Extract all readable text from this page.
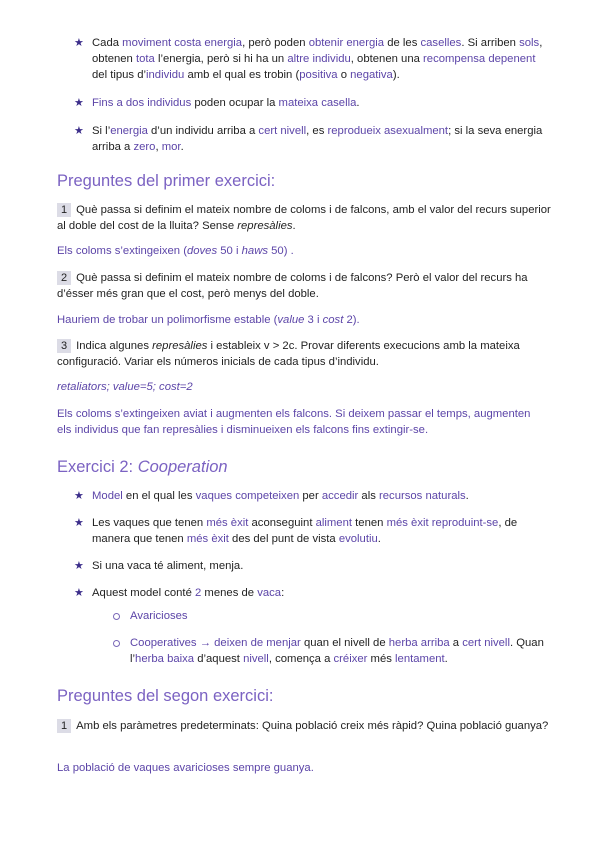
★ Cada moviment costa energia, però poden obtenir energia de les caselles. Si arriben sols, obtenen tota l’energia, però si hi ha un altre individu, obtenen una recompensa depenent del tipus d’individu amb el qual es trobin (positiva o negativa).
★ Fins a dos individus poden ocupar la mateixa casella.
★ Si l’energia d’un individu arriba a cert nivell, es reprodueix asexualment; si la seva energia arriba a zero, mor.
Preguntes del primer exercici:
1 Què passa si definim el mateix nombre de coloms i de falcons, amb el valor del recurs superior al doble del cost de la lluita? Sense represàlies.
Els coloms s’extingeixen (doves 50 i haws 50) .
2 Què passa si definim el mateix nombre de coloms i de falcons? Però el valor del recurs ha d’ésser més gran que el cost, però menys del doble.
Hauriem de trobar un polimorfisme estable (value 3 i cost 2).
3 Indica algunes represàlies i estableix v > 2c. Provar diferents execucions amb la mateixa configuració. Variar els números inicials de cada tipus d’individu.
retaliators; value=5; cost=2
Els coloms s’extingeixen aviat i augmenten els falcons. Si deixem passar el temps, augmenten els individus que fan represàlies i disminueixen els falcons fins extingir-se.
Exercici 2: Cooperation
★ Model en el qual les vaques competeixen per accedir als recursos naturals.
★ Les vaques que tenen més èxit aconseguint aliment tenen més èxit reproduint-se, de manera que tenen més èxit des del punt de vista evolutiu.
★ Si una vaca té aliment, menja.
★ Aquest model conté 2 menes de vaca:
Avaricioses
Cooperatives → deixen de menjar quan el nivell de herba arriba a cert nivell. Quan l’herba baixa d’aquest nivell, comença a créixer més lentament.
Preguntes del segon exercici:
1 Amb els paràmetres predeterminats: Quina població creix més ràpid? Quina població guanya?
La població de vaques avaricioses sempre guanya.
